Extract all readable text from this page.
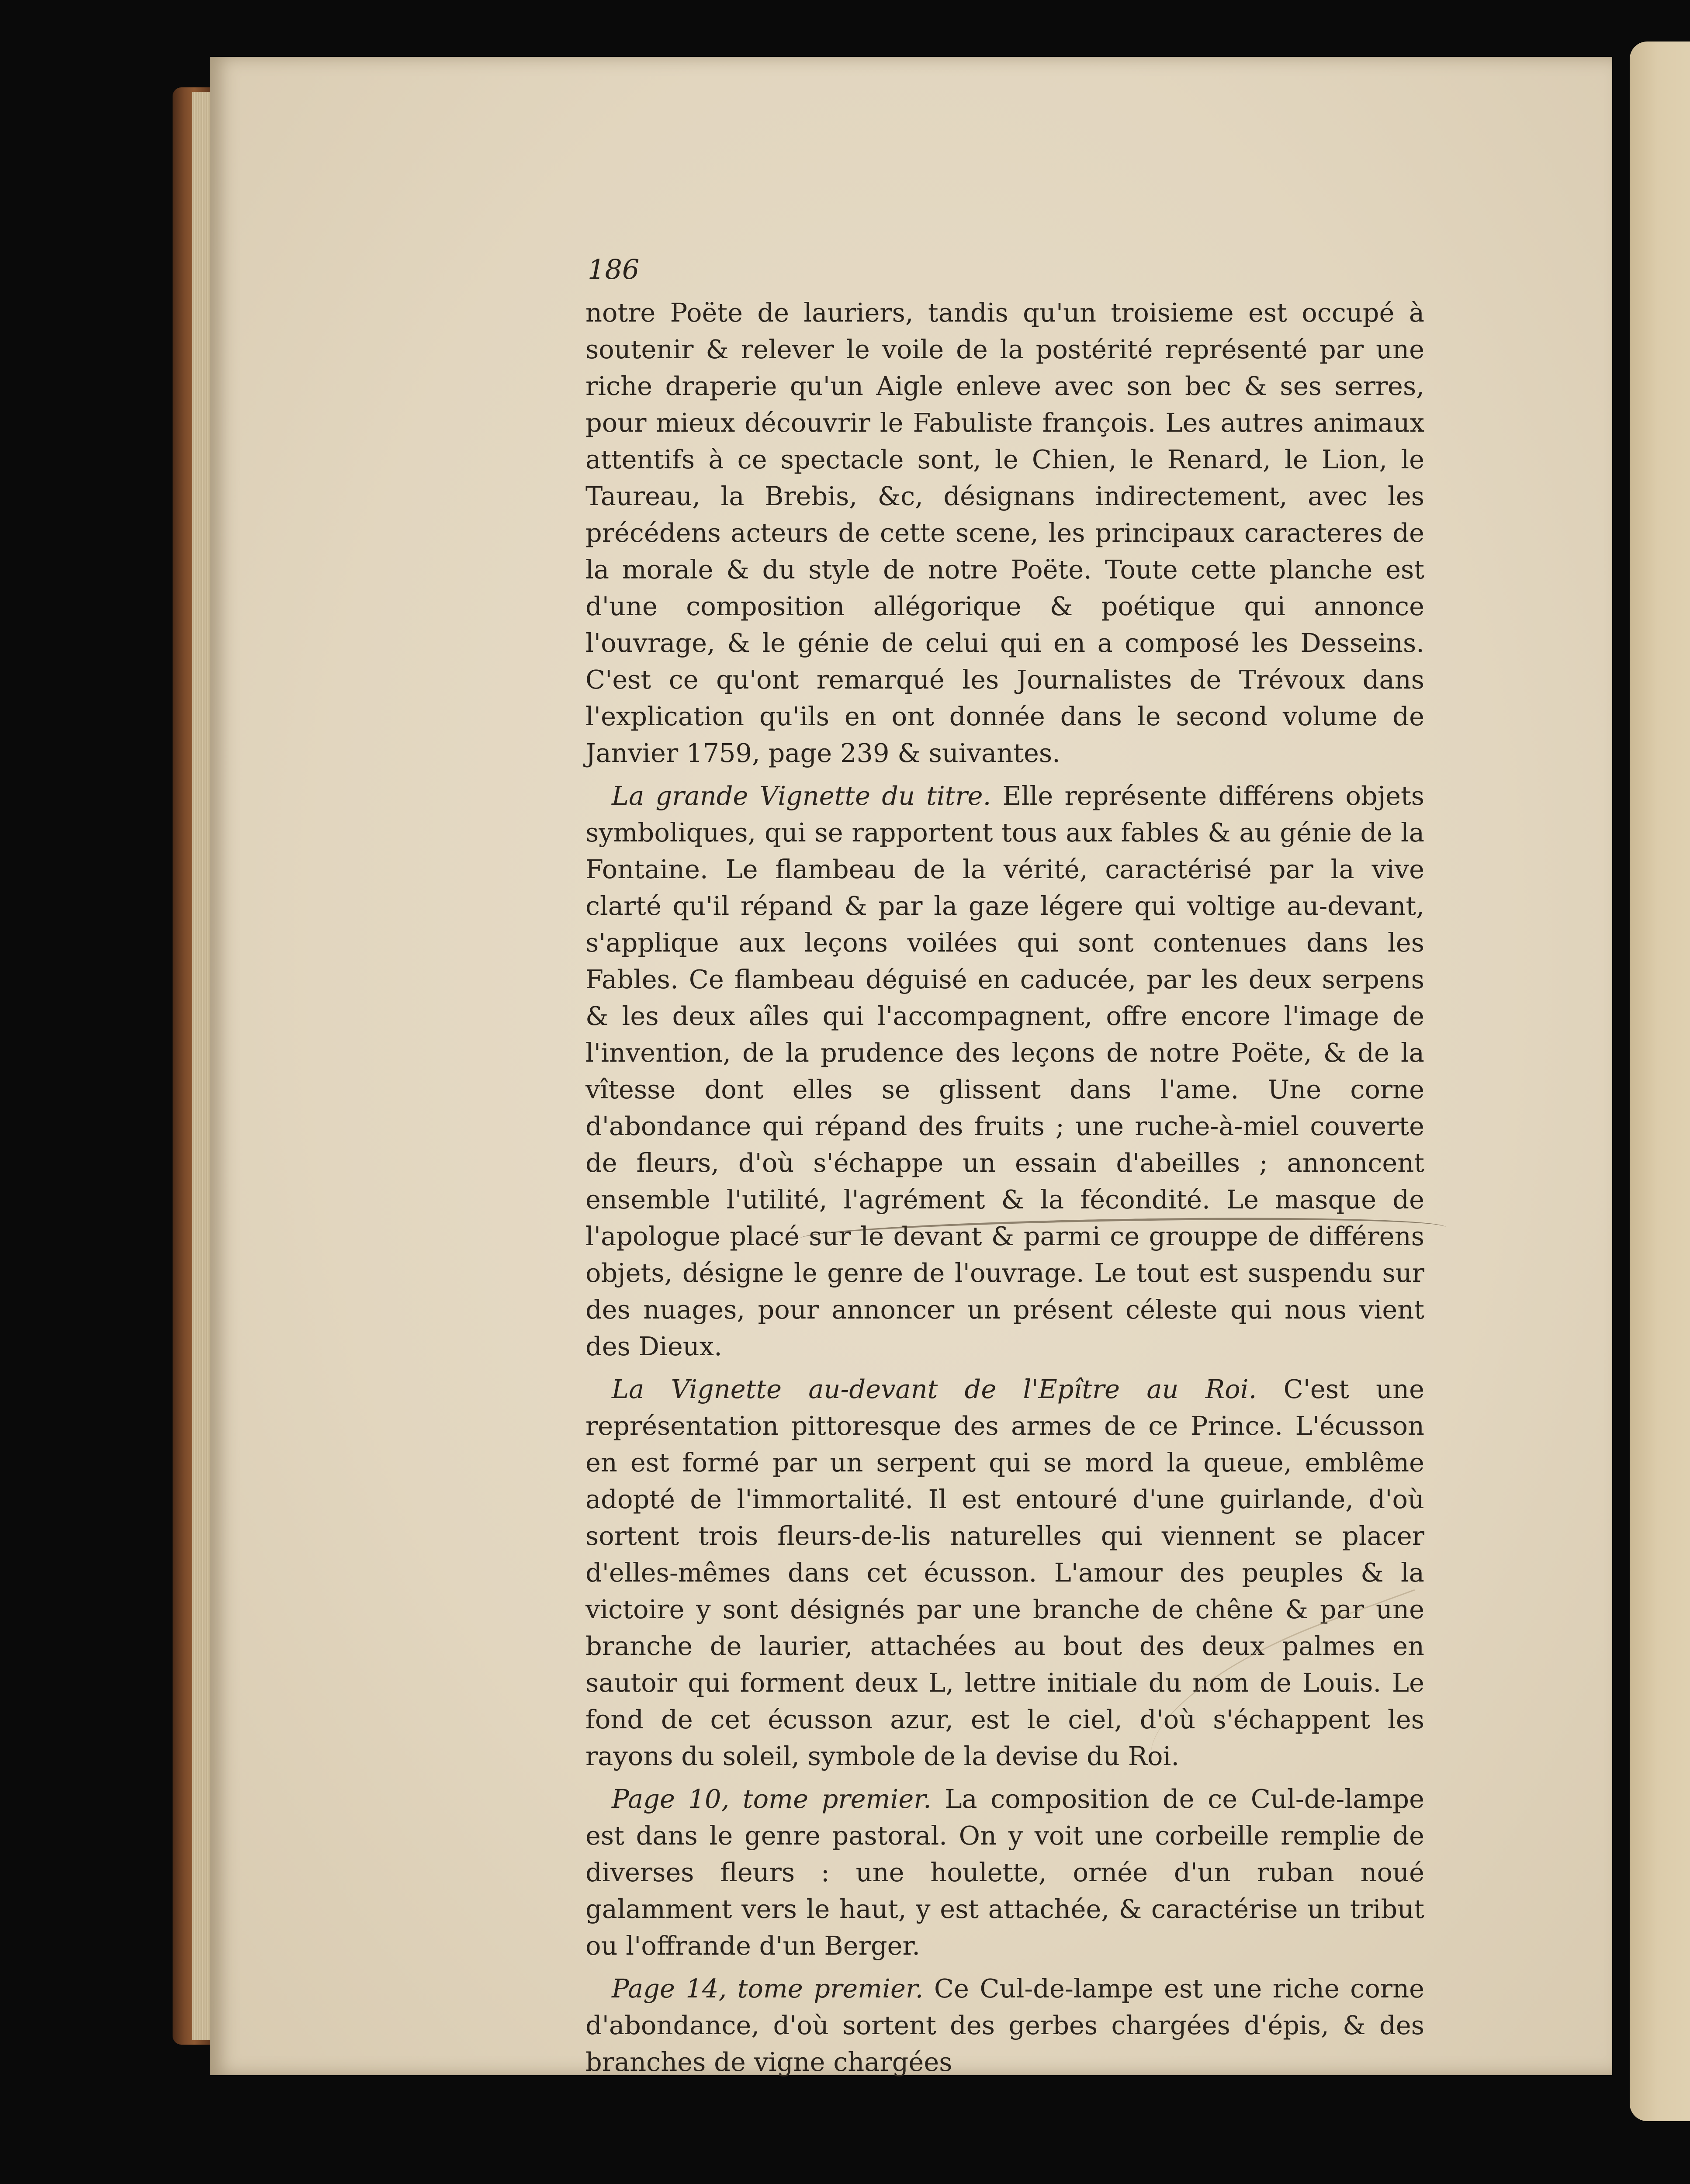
186

notre Poëte de lauriers, tandis qu'un troisieme est occupé à soutenir & relever le voile de la postérité représenté par une riche draperie qu'un Aigle enleve avec son bec & ses serres, pour mieux découvrir le Fabuliste françois. Les autres animaux attentifs à ce spectacle sont, le Chien, le Renard, le Lion, le Taureau, la Brebis, &c, désignans indirectement, avec les précédens acteurs de cette scene, les principaux caracteres de la morale & du style de notre Poëte. Toute cette planche est d'une composition allégorique & poétique qui annonce l'ouvrage, & le génie de celui qui en a composé les Desseins. C'est ce qu'ont remarqué les Journalistes de Trévoux dans l'explication qu'ils en ont donnée dans le second volume de Janvier 1759, page 239 & suivantes.

La grande Vignette du titre. Elle représente différens objets symboliques, qui se rapportent tous aux fables & au génie de la Fontaine. Le flambeau de la vérité, caractérisé par la vive clarté qu'il répand & par la gaze légere qui voltige au-devant, s'applique aux leçons voilées qui sont contenues dans les Fables. Ce flambeau déguisé en caducée, par les deux serpens & les deux aîles qui l'accompagnent, offre encore l'image de l'invention, de la prudence des leçons de notre Poëte, & de la vîtesse dont elles se glissent dans l'ame. Une corne d'abondance qui répand des fruits ; une ruche-à-miel couverte de fleurs, d'où s'échappe un essain d'abeilles ; annoncent ensemble l'utilité, l'agrément & la fécondité. Le masque de l'apologue placé sur le devant & parmi ce grouppe de différens objets, désigne le genre de l'ouvrage. Le tout est suspendu sur des nuages, pour annoncer un présent céleste qui nous vient des Dieux.

La Vignette au-devant de l'Epître au Roi. C'est une représentation pittoresque des armes de ce Prince. L'écusson en est formé par un serpent qui se mord la queue, emblême adopté de l'immortalité. Il est entouré d'une guirlande, d'où sortent trois fleurs-de-lis naturelles qui viennent se placer d'elles-mêmes dans cet écusson. L'amour des peuples & la victoire y sont désignés par une branche de chêne & par une branche de laurier, attachées au bout des deux palmes en sautoir qui forment deux L, lettre initiale du nom de Louis. Le fond de cet écusson azur, est le ciel, d'où s'échappent les rayons du soleil, symbole de la devise du Roi.

Page 10, tome premier. La composition de ce Cul-de-lampe est dans le genre pastoral. On y voit une corbeille remplie de diverses fleurs : une houlette, ornée d'un ruban noué galamment vers le haut, y est attachée, & caractérise un tribut ou l'offrande d'un Berger.

Page 14, tome premier. Ce Cul-de-lampe est une riche corne d'abondance, d'où sortent des gerbes chargées d'épis, & des branches de vigne chargées
